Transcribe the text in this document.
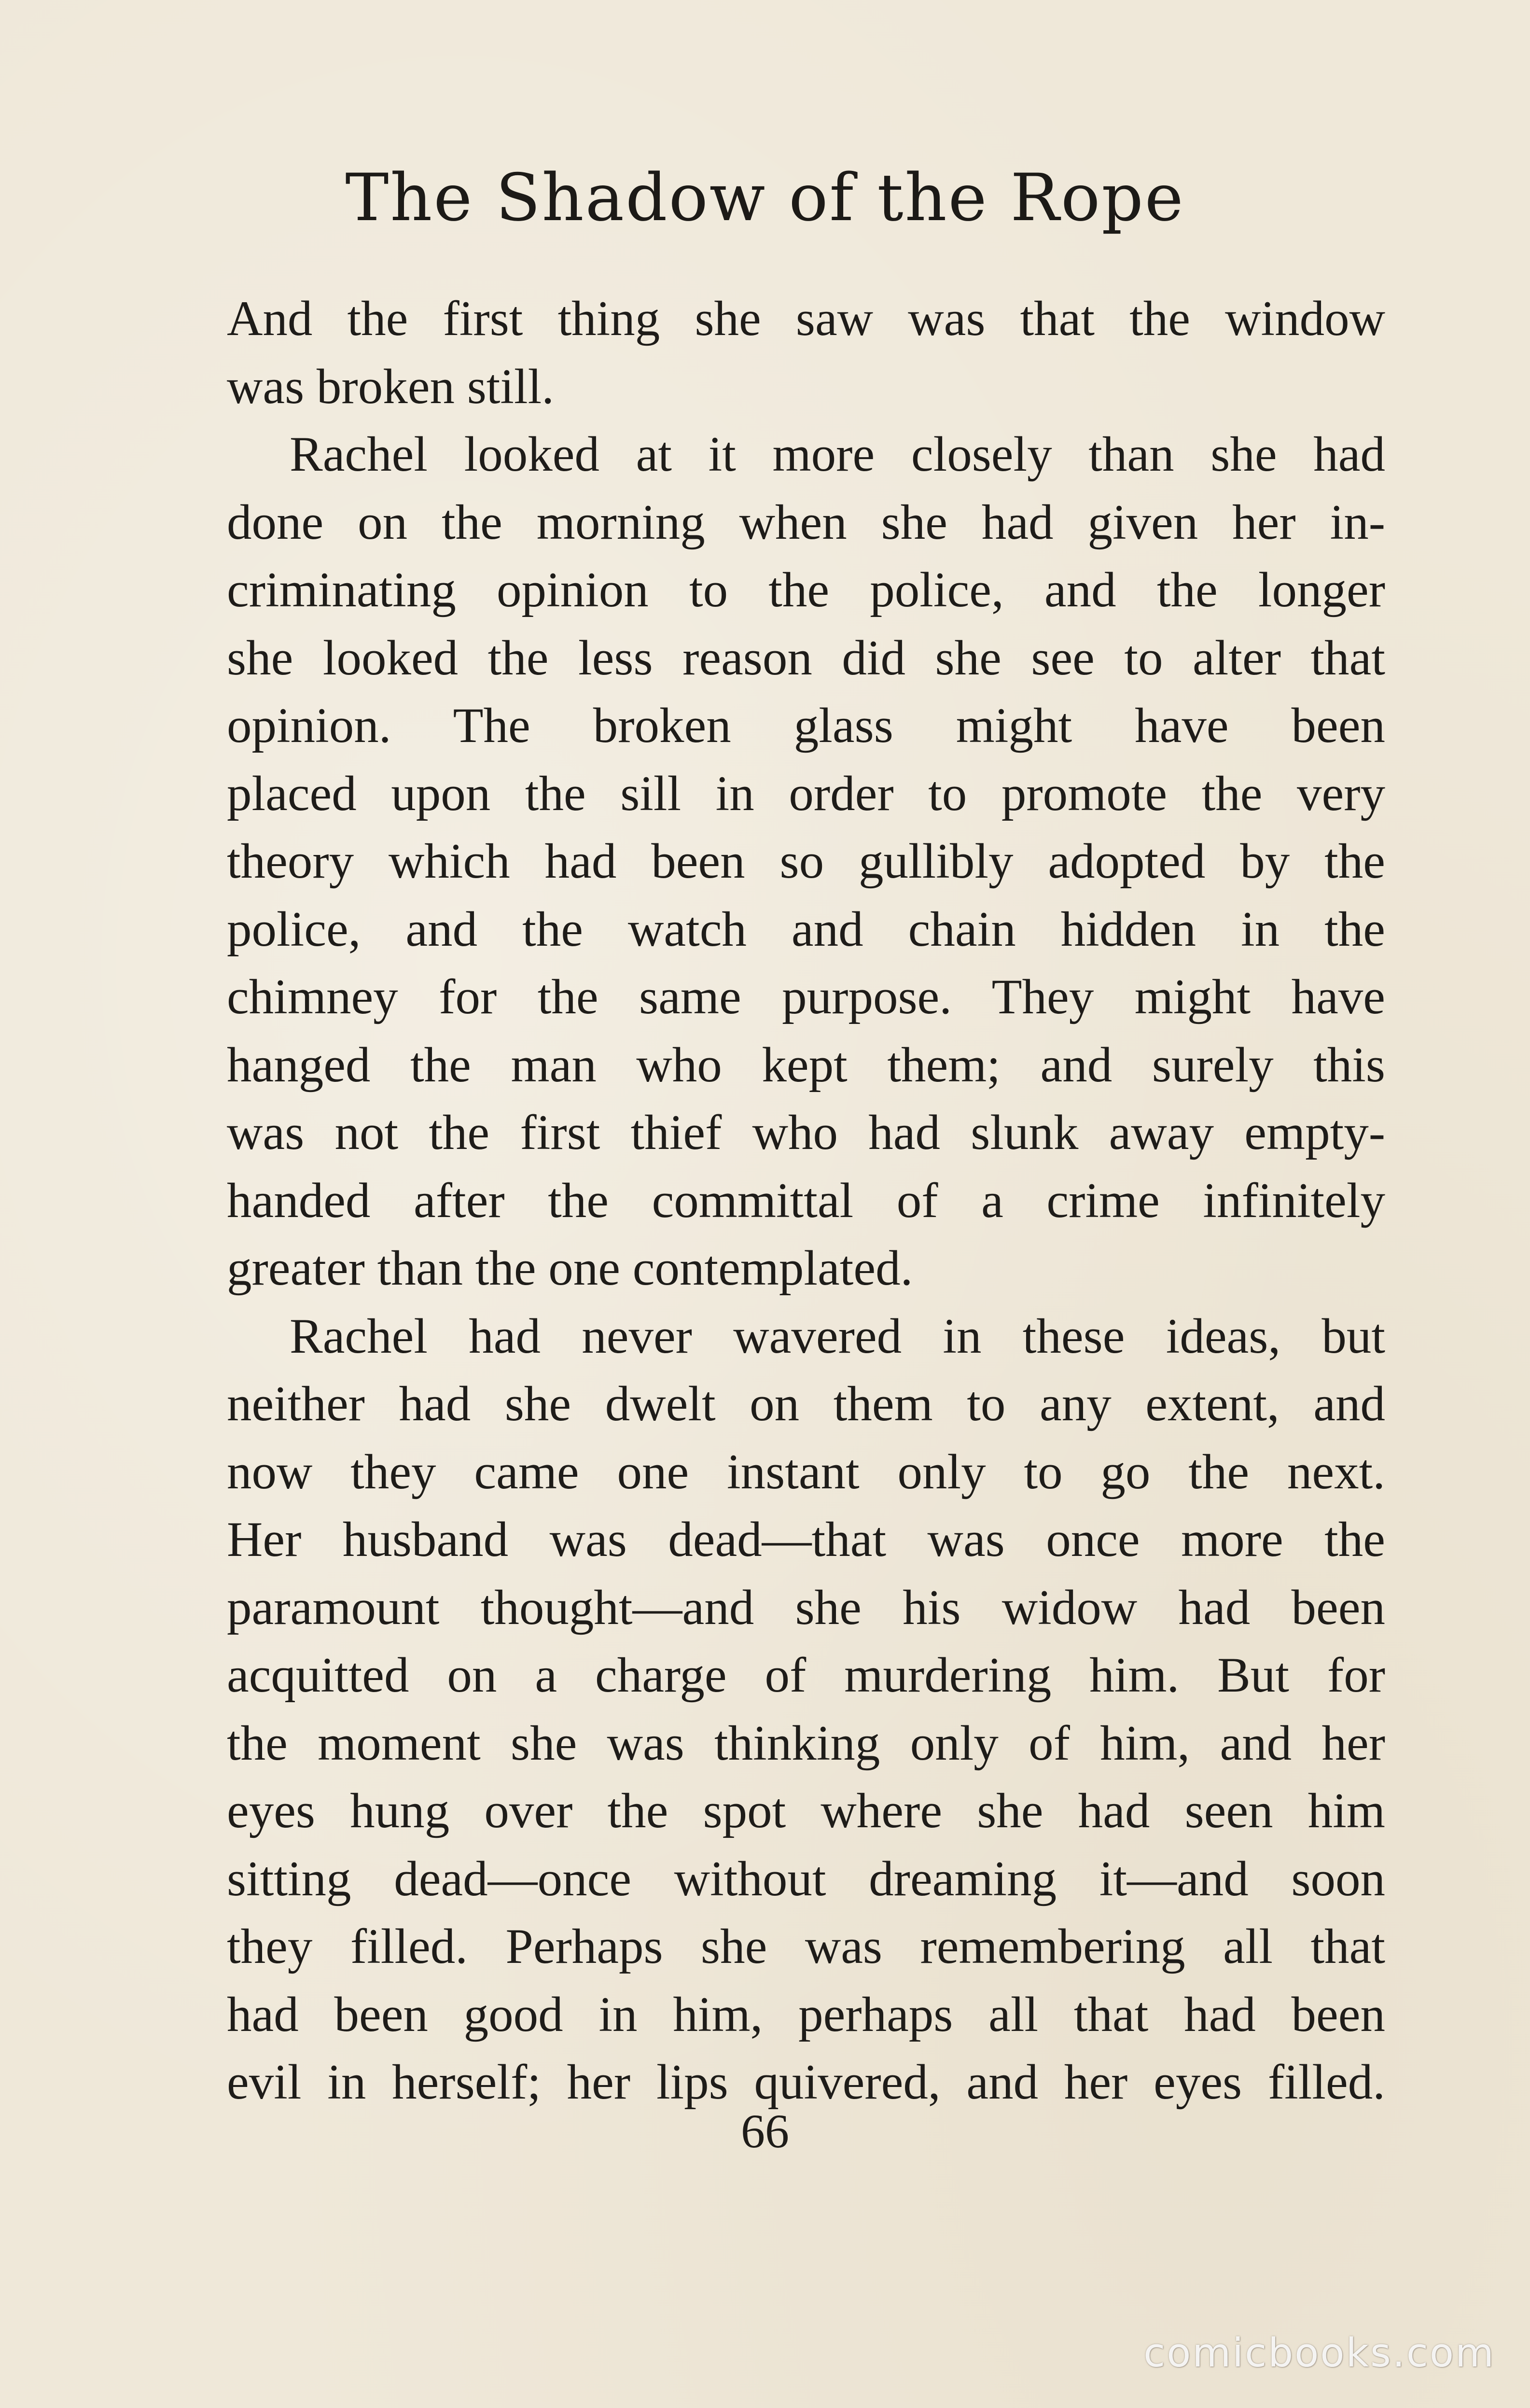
The Shadow of the Rope
And the first thing she saw was that the window
was broken still.
Rachel looked at it more closely than she had
done on the morning when she had given her in-
criminating opinion to the police, and the longer
she looked the less reason did she see to alter that
opinion. The broken glass might have been
placed upon the sill in order to promote the very
theory which had been so gullibly adopted by the
police, and the watch and chain hidden in the
chimney for the same purpose. They might have
hanged the man who kept them; and surely this
was not the first thief who had slunk away empty-
handed after the committal of a crime infinitely
greater than the one contemplated.
Rachel had never wavered in these ideas, but
neither had she dwelt on them to any extent, and
now they came one instant only to go the next.
Her husband was dead—that was once more the
paramount thought—and she his widow had been
acquitted on a charge of murdering him. But for
the moment she was thinking only of him, and her
eyes hung over the spot where she had seen him
sitting dead—once without dreaming it—and soon
they filled. Perhaps she was remembering all that
had been good in him, perhaps all that had been
evil in herself; her lips quivered, and her eyes filled.
66
comicbooks.com
